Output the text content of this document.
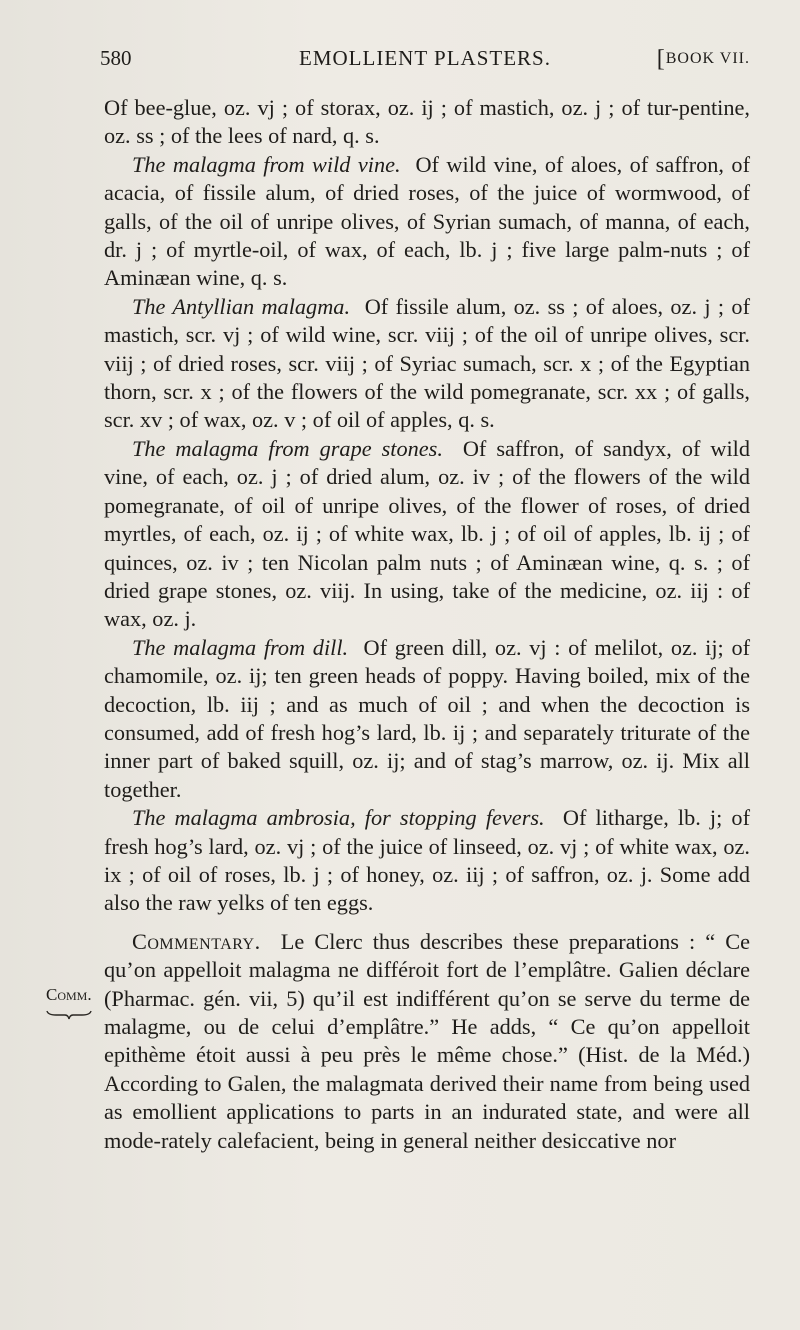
580	EMOLLIENT PLASTERS.	[BOOK VII.

Of bee-glue, oz. vj ; of storax, oz. ij ; of mastich, oz. j ; of tur-pentine, oz. ss ; of the lees of nard, q. s.

The malagma from wild vine. Of wild vine, of aloes, of saffron, of acacia, of fissile alum, of dried roses, of the juice of wormwood, of galls, of the oil of unripe olives, of Syrian sumach, of manna, of each, dr. j ; of myrtle-oil, of wax, of each, lb. j ; five large palm-nuts ; of Aminæan wine, q. s.

The Antyllian malagma. Of fissile alum, oz. ss ; of aloes, oz. j ; of mastich, scr. vj ; of wild wine, scr. viij ; of the oil of unripe olives, scr. viij ; of dried roses, scr. viij ; of Syriac sumach, scr. x ; of the Egyptian thorn, scr. x ; of the flowers of the wild pomegranate, scr. xx ; of galls, scr. xv ; of wax, oz. v ; of oil of apples, q. s.

The malagma from grape stones. Of saffron, of sandyx, of wild vine, of each, oz. j ; of dried alum, oz. iv ; of the flowers of the wild pomegranate, of oil of unripe olives, of the flower of roses, of dried myrtles, of each, oz. ij ; of white wax, lb. j ; of oil of apples, lb. ij ; of quinces, oz. iv ; ten Nicolan palm nuts ; of Aminæan wine, q. s. ; of dried grape stones, oz. viij. In using, take of the medicine, oz. iij : of wax, oz. j.

The malagma from dill. Of green dill, oz. vj : of melilot, oz. ij; of chamomile, oz. ij; ten green heads of poppy. Having boiled, mix of the decoction, lb. iij ; and as much of oil ; and when the decoction is consumed, add of fresh hog’s lard, lb. ij ; and separately triturate of the inner part of baked squill, oz. ij; and of stag’s marrow, oz. ij. Mix all together.

The malagma ambrosia, for stopping fevers. Of litharge, lb. j; of fresh hog’s lard, oz. vj ; of the juice of linseed, oz. vj ; of white wax, oz. ix ; of oil of roses, lb. j ; of honey, oz. iij ; of saffron, oz. j. Some add also the raw yelks of ten eggs.

Commentary. Le Clerc thus describes these preparations : “ Ce qu’on appelloit malagma ne différoit fort de l’emplâtre. Galien déclare (Pharmac. gén. vii, 5) qu’il est indifférent qu’on se serve du terme de malagme, ou de celui d’emplâtre.” He adds, “ Ce qu’on appelloit epithème étoit aussi à peu près le même chose.” (Hist. de la Méd.) According to Galen, the malagmata derived their name from being used as emollient applications to parts in an indurated state, and were all mode-rately calefacient, being in general neither desiccative nor

Comm.
